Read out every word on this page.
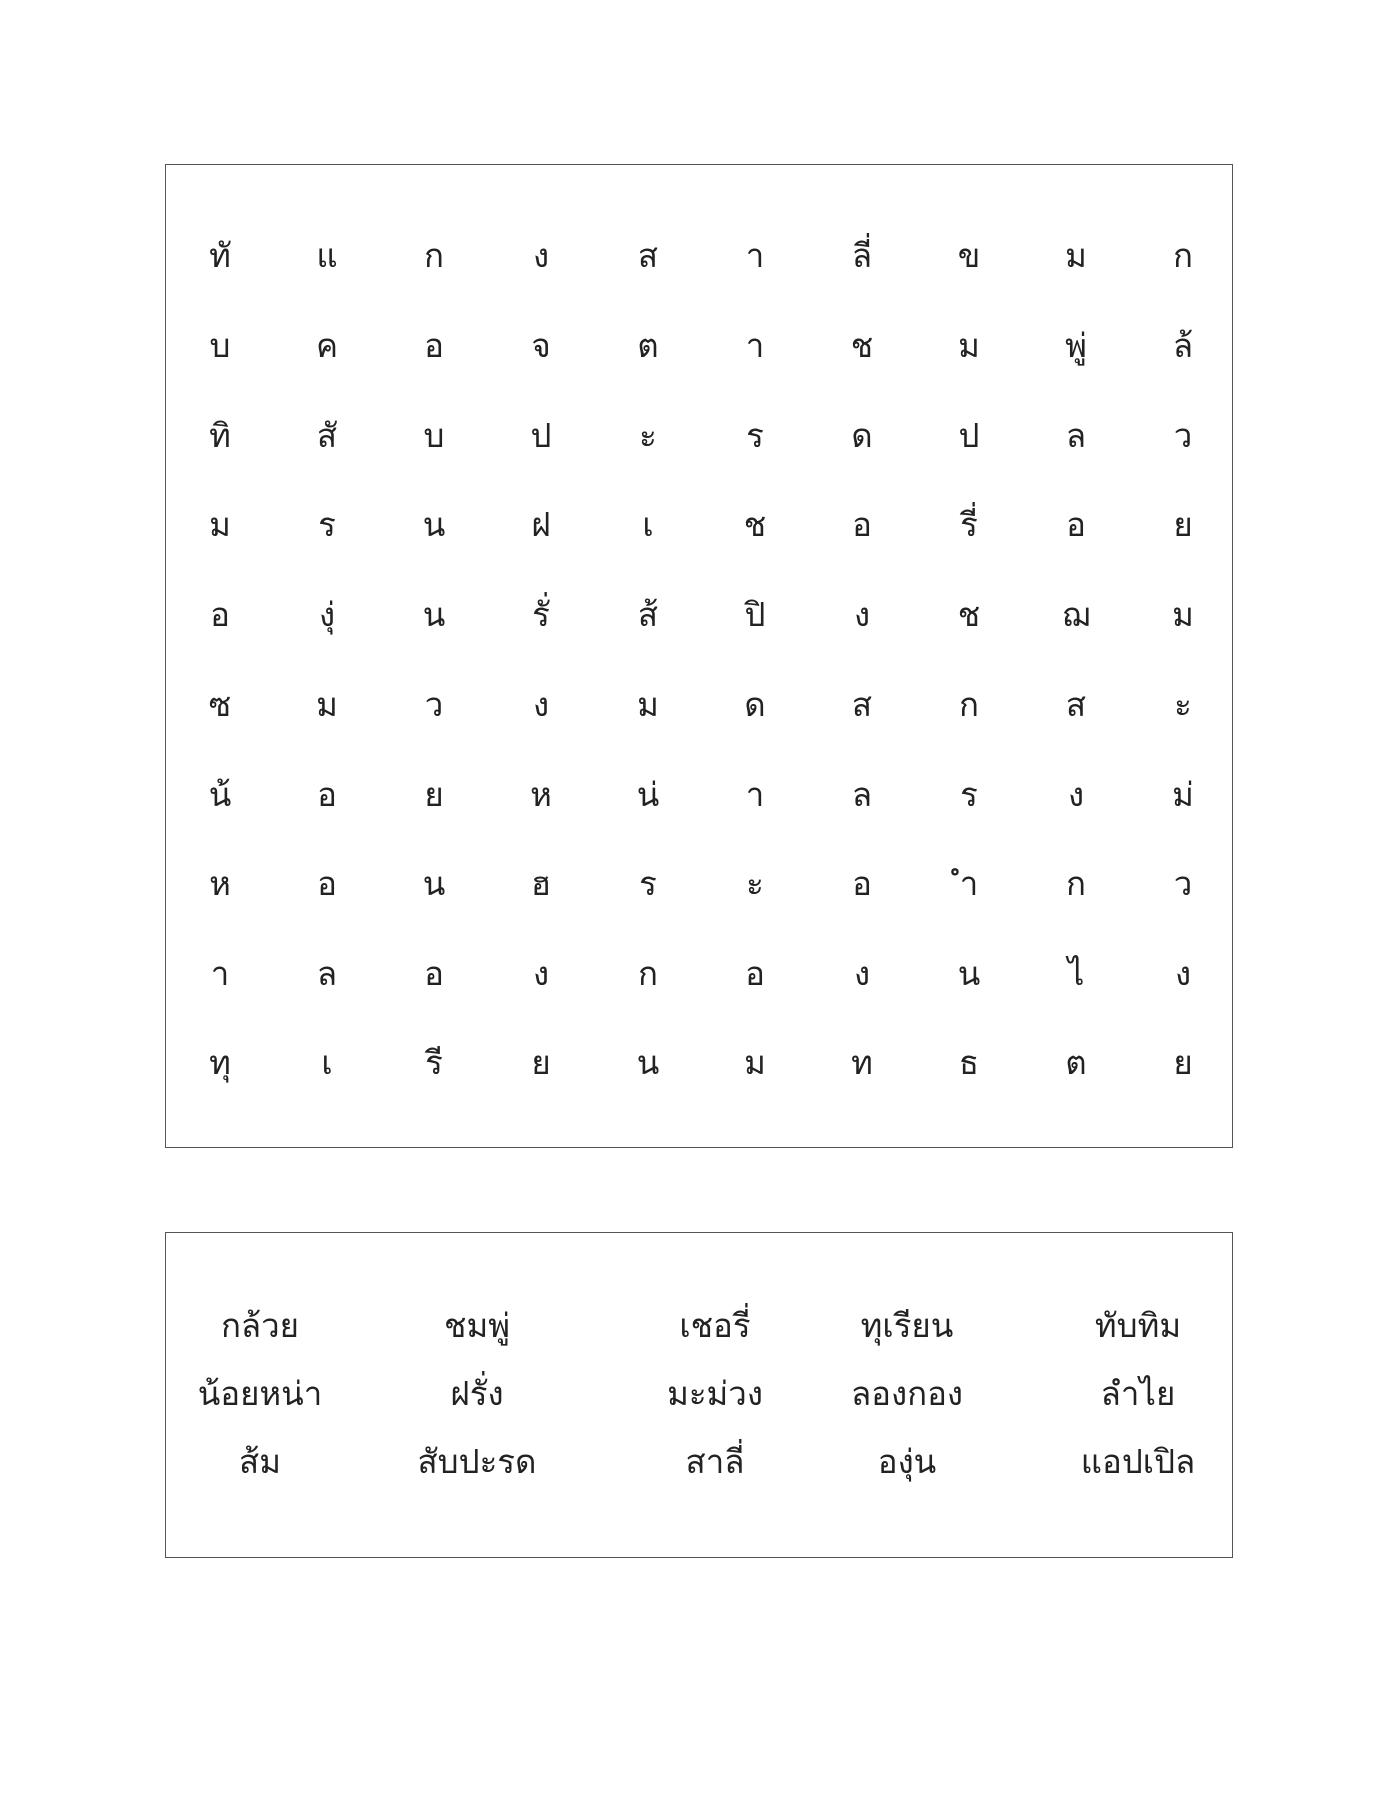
ทั	แ	ก	ง	ส	า	ลี่	ข	ม	ก
บ	ค	อ	จ	ต	า	ช	ม	พู่	ล้
ทิ	สั	บ	ป	ะ	ร	ด	ป	ล	ว
ม	ร	น	ฝ	เ	ช	อ	รี่	อ	ย
อ	งุ่	น	รั่	ส้	ปิ	ง	ช	ฌ	ม
ซ	ม	ว	ง	ม	ด	ส	ก	ส	ะ
น้	อ	ย	ห	น่	า	ล	ร	ง	ม่
ห	อ	น	ฮ	ร	ะ	อ	ำ	ก	ว
า	ล	อ	ง	ก	อ	ง	น	ไ	ง
ทุ	เ	รี	ย	น	ม	ท	ธ	ต	ย
กล้วย	ชมพู่	เชอรี่	ทุเรียน	ทับทิม
น้อยหน่า	ฝรั่ง	มะม่วง	ลองกอง	ลำไย
ส้ม	สับปะรด	สาลี่	องุ่น	แอปเปิล
